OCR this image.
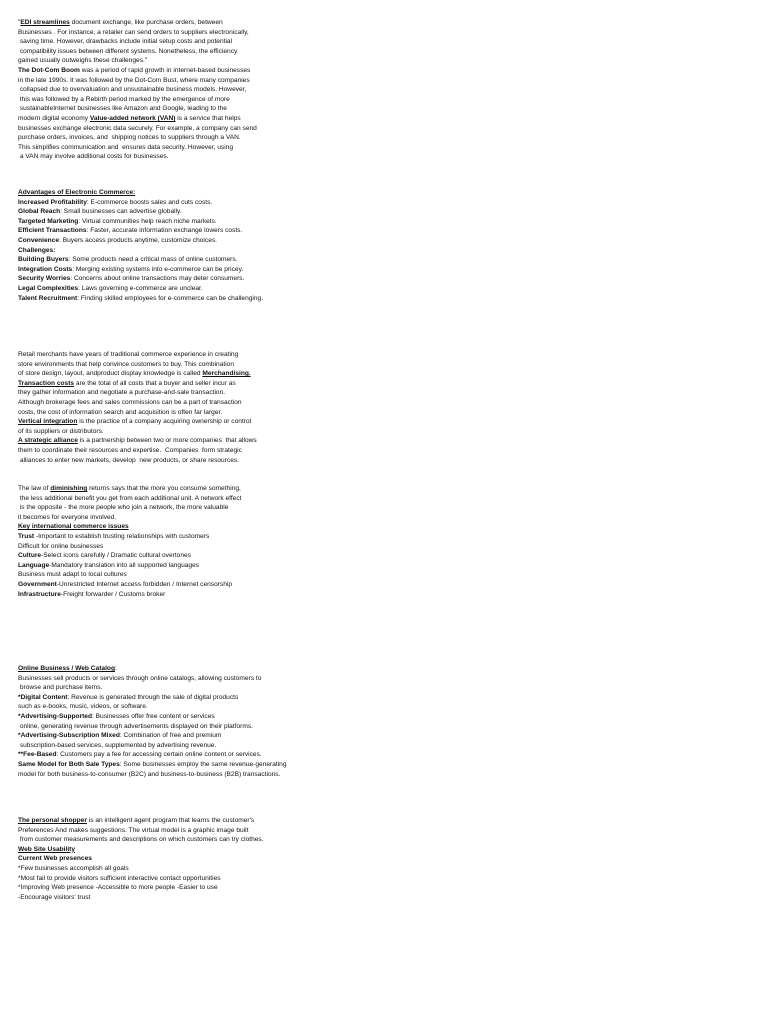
"EDI streamlines document exchange, like purchase orders, between
Businesses . For instance, a retailer can send orders to suppliers electronically,
saving time. However, drawbacks include initial setup costs and potential
compatibility issues between different systems. Nonetheless, the efficiency
gained usually outweighs these challenges."
The Dot-Com Boom was a period of rapid growth in internet-based businesses
in the late 1990s. It was followed by the Dot-Com Bust, where many companies
collapsed due to overvaluation and unsustainable business models. However,
this was followed by a Rebirth period marked by the emergence of more
sustainableInternet businesses like Amazon and Google, leading to the
modern digital economy Value-added network (VAN) is a service that helps
businesses exchange electronic data securely. For example, a company can send
purchase orders, invoices, and  shipping notices to suppliers through a VAN.
This simplifies communication and  ensures data security. However, using
a VAN may involve additional costs for businesses.
Advantages of Electronic Commerce:
Increased Profitability: E-commerce boosts sales and cuts costs.
Global Reach: Small businesses can advertise globally.
Targeted Marketing: Virtual communities help reach niche markets.
Efficient Transactions: Faster, accurate information exchange lowers costs.
Convenience: Buyers access products anytime, customize choices.
Challenges:
Building Buyers: Some products need a critical mass of online customers.
Integration Costs: Merging existing systems into e-commerce can be pricey.
Security Worries: Concerns about online transactions may deter consumers.
Legal Complexities: Laws governing e-commerce are unclear.
Talent Recruitment: Finding skilled employees for e-commerce can be challenging.
Retail merchants have years of traditional commerce experience in creating
store environments that help convince customers to buy. This combination
of store design, layout, andproduct display knowledge is called Merchandising.
Transaction costs are the total of all costs that a buyer and seller incur as
they gather information and negotiate a purchase-and-sale transaction.
Although brokerage fees and sales commissions can be a part of transaction
costs, the cost of information search and acquisition is often far larger.
Vertical integration is the practice of a company acquiring ownership or control
of its suppliers or distributors.
A strategic alliance is a partnership between two or more companies  that allows
them to coordinate their resources and expertise.  Companies  form strategic
alliances to enter new markets, develop  new products, or share resources.
The law of diminishing returns says that the more you consume something,
the less additional benefit you get from each additional unit. A network effect
is the opposite - the more people who join a network, the more valuable
it becomes for everyone involved.
Key international commerce issues
Trust -Important to establish trusting relationships with customers
Difficult for online businesses
Culture-Select icons carefully / Dramatic cultural overtones
Language-Mandatory translation into all supported languages
Business must adapt to local cultures
Government-Unrestricted Internet access forbidden / Internet censorship
Infrastructure-Freight forwarder / Customs broker
Online Business / Web Catalog:
Businesses sell products or services through online catalogs, allowing customers to
browse and purchase items.
*Digital Content: Revenue is generated through the sale of digital products
such as e-books, music, videos, or software.
*Advertising-Supported: Businesses offer free content or services
online, generating revenue through advertisements displayed on their platforms.
*Advertising-Subscription Mixed: Combination of free and premium
subscription-based services, supplemented by advertising revenue.
**Fee-Based: Customers pay a fee for accessing certain online content or services.
Same Model for Both Sale Types: Some businesses employ the same revenue-generating
model for both business-to-consumer (B2C) and business-to-business (B2B) transactions.
The personal shopper is an intelligent agent program that learns the customer's
Preferences And makes suggestions. The virtual model is a graphic image built
from customer measurements and descriptions on which customers can try clothes.
Web Site Usability
Current Web presences
*Few businesses accomplish all goals
*Most fail to provide visitors sufficient interactive contact opportunities
*Improving Web presence -Accessible to more people -Easier to use
-Encourage visitors' trust
